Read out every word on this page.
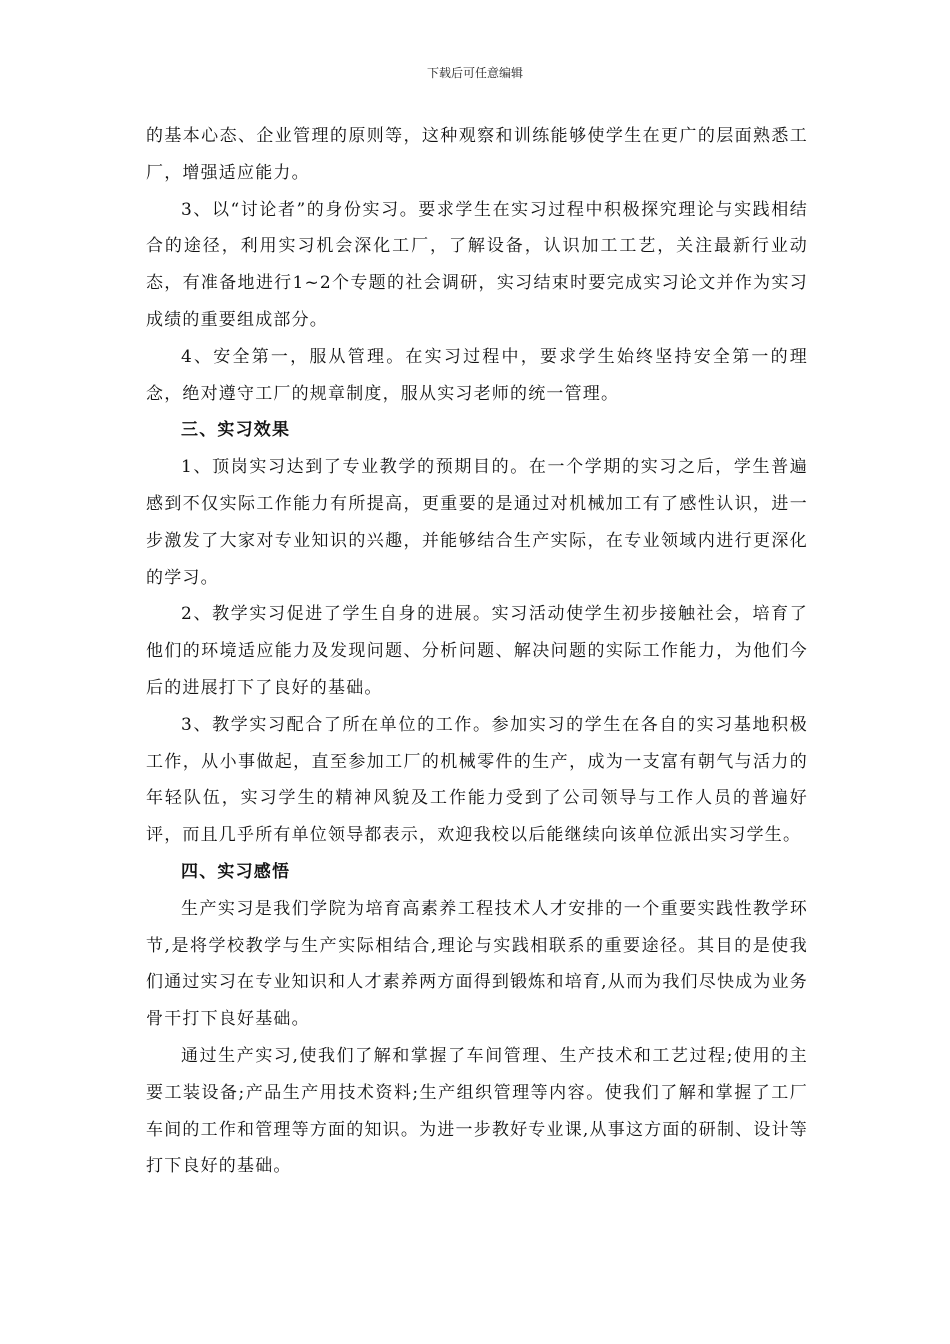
下载后可任意编辑

的基本心态、企业管理的原则等，这种观察和训练能够使学生在更广的层面熟悉工厂，增强适应能力。

3、以“讨论者”的身份实习。要求学生在实习过程中积极探究理论与实践相结合的途径，利用实习机会深化工厂，了解设备，认识加工工艺，关注最新行业动态，有准备地进行1~2个专题的社会调研，实习结束时要完成实习论文并作为实习成绩的重要组成部分。

4、安全第一，服从管理。在实习过程中，要求学生始终坚持安全第一的理念，绝对遵守工厂的规章制度，服从实习老师的统一管理。

三、实习效果

1、顶岗实习达到了专业教学的预期目的。在一个学期的实习之后，学生普遍感到不仅实际工作能力有所提高，更重要的是通过对机械加工有了感性认识，进一步激发了大家对专业知识的兴趣，并能够结合生产实际，在专业领域内进行更深化的学习。

2、教学实习促进了学生自身的进展。实习活动使学生初步接触社会，培育了他们的环境适应能力及发现问题、分析问题、解决问题的实际工作能力，为他们今后的进展打下了良好的基础。

3、教学实习配合了所在单位的工作。参加实习的学生在各自的实习基地积极工作，从小事做起，直至参加工厂的机械零件的生产，成为一支富有朝气与活力的年轻队伍，实习学生的精神风貌及工作能力受到了公司领导与工作人员的普遍好评，而且几乎所有单位领导都表示，欢迎我校以后能继续向该单位派出实习学生。

四、实习感悟

生产实习是我们学院为培育高素养工程技术人才安排的一个重要实践性教学环节,是将学校教学与生产实际相结合,理论与实践相联系的重要途径。其目的是使我们通过实习在专业知识和人才素养两方面得到锻炼和培育,从而为我们尽快成为业务骨干打下良好基础。

通过生产实习,使我们了解和掌握了车间管理、生产技术和工艺过程;使用的主要工装设备;产品生产用技术资料;生产组织管理等内容。使我们了解和掌握了工厂车间的工作和管理等方面的知识。为进一步教好专业课,从事这方面的研制、设计等打下良好的基础。
